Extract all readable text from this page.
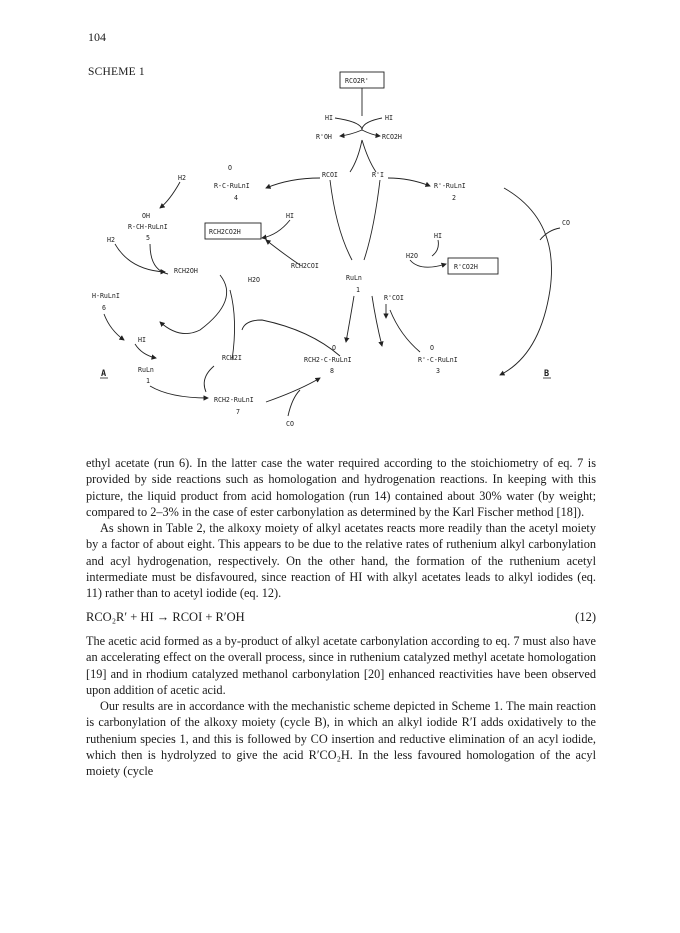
104
SCHEME 1
RCO2R'
HI	HI
R'OH	RCO2H
RCOI	R'I
O
R-C-RuLnI
4
H2
OH
R-CH-RuLnI
5
H2
RCH2CO2H
HI
RCH2OH
RCH2COI
H2O	RuLn
1
H2O
R'CO2H
HI
R'COI
R'-RuLnI
2
CO
H-RuLnI
6
HI
RCH2I
O
RCH2-C-RuLnI
8
O
R'-C-RuLnI
3
A	B
RuLn
1
RCH2-RuLnI
7
CO

ethyl acetate (run 6). In the latter case the water required according to the stoichiometry of eq. 7 is provided by side reactions such as homologation and hydrogenation reactions. In keeping with this picture, the liquid product from acid homologation (run 14) contained about 30% water (by weight; compared to 2–3% in the case of ester carbonylation as determined by the Karl Fischer method [18]).

As shown in Table 2, the alkoxy moiety of alkyl acetates reacts more readily than the acetyl moiety by a factor of about eight. This appears to be due to the relative rates of ruthenium alkyl carbonylation and acyl hydrogenation, respectively. On the other hand, the formation of the ruthenium acetyl intermediate must be disfavoured, since reaction of HI with alkyl acetates leads to alkyl iodides (eq. 11) rather than to acetyl iodide (eq. 12).

RCO₂R′ + HI → RCOI + R′OH	(12)

The acetic acid formed as a by-product of alkyl acetate carbonylation according to eq. 7 must also have an accelerating effect on the overall process, since in ruthenium catalyzed methyl acetate homologation [19] and in rhodium catalyzed methanol carbonylation [20] enhanced reactivities have been observed upon addition of acetic acid.

Our results are in accordance with the mechanistic scheme depicted in Scheme 1. The main reaction is carbonylation of the alkoxy moiety (cycle B), in which an alkyl iodide R′I adds oxidatively to the ruthenium species 1, and this is followed by CO insertion and reductive elimination of an acyl iodide, which then is hydrolyzed to give the acid R′CO₂H. In the less favoured homologation of the acyl moiety (cycle
